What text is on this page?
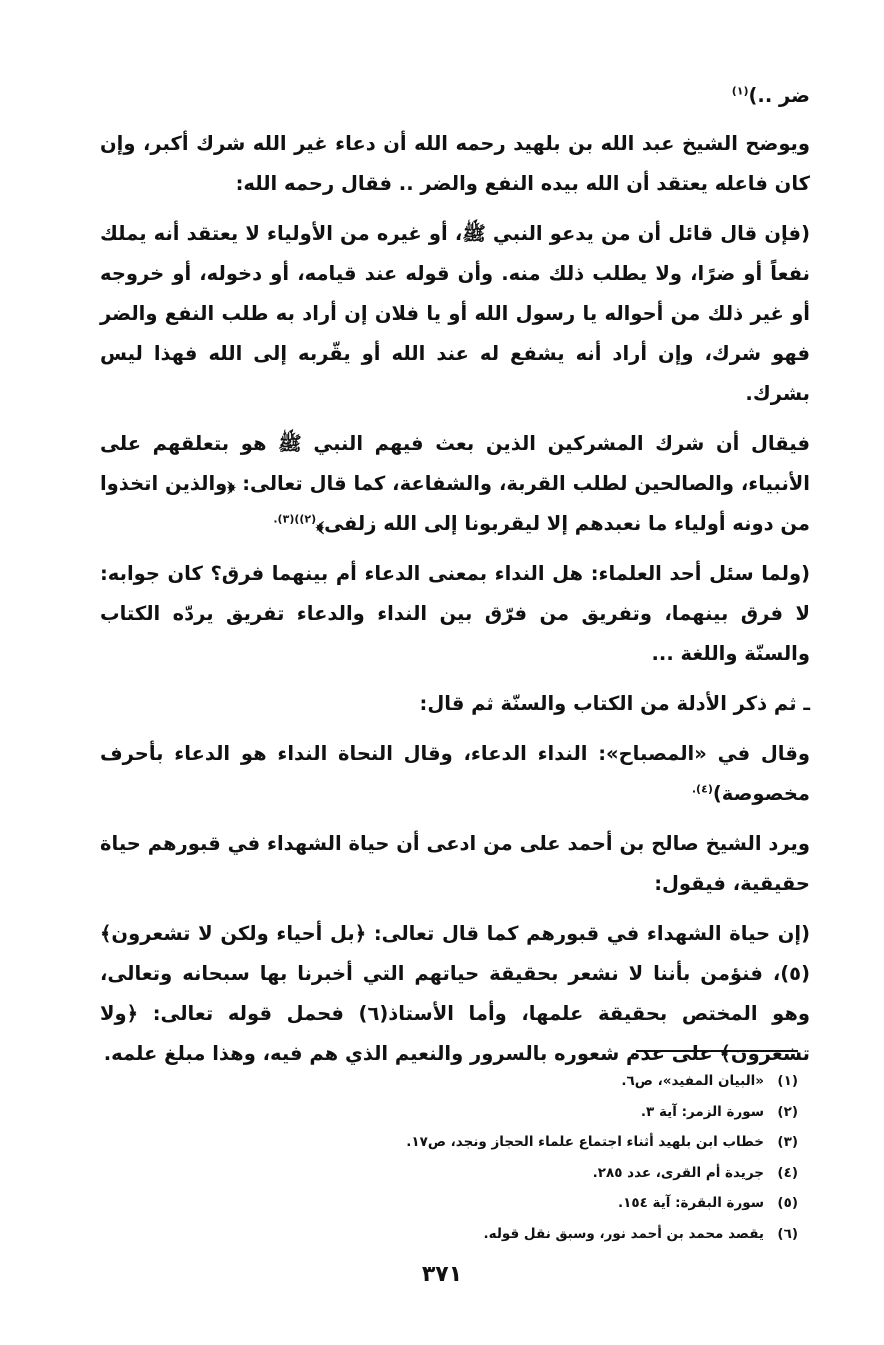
ضر ..)$^{(١)}$

ويوضح الشيخ عبد الله بن بلهيد رحمه الله أن دعاء غير الله شرك أكبر، وإن كان فاعله يعتقد أن الله بيده النفع والضر .. فقال رحمه الله:

(فإن قال قائل أن من يدعو النبي ﷺ، أو غيره من الأولياء لا يعتقد أنه يملك نفعاً أو ضرًا، ولا يطلب ذلك منه. وأن قوله عند قيامه، أو دخوله، أو خروجه أو غير ذلك من أحواله يا رسول الله أو يا فلان إن أراد به طلب النفع والضر فهو شرك، وإن أراد أنه يشفع له عند الله أو يقّربه إلى الله فهذا ليس بشرك.

فيقال أن شرك المشركين الذين بعث فيهم النبي ﷺ هو بتعلقهم على الأنبياء، والصالحين لطلب القربة، والشفاعة، كما قال تعالى: ﴿والذين اتخذوا من دونه أولياء ما نعبدهم إلا ليقربونا إلى الله زلفى﴾$^{(٢))(٣).}$

(ولما سئل أحد العلماء: هل النداء بمعنى الدعاء أم بينهما فرق؟ كان جوابه: لا فرق بينهما، وتفريق من فرّق بين النداء والدعاء تفريق يردّه الكتاب والسنّة واللغة ...

ـ ثم ذكر الأدلة من الكتاب والسنّة ثم قال:

وقال في «المصباح»: النداء الدعاء، وقال النحاة النداء هو الدعاء بأحرف مخصوصة)$^{(٤).}$

ويرد الشيخ صالح بن أحمد على من ادعى أن حياة الشهداء في قبورهم حياة حقيقية، فيقول:

(إن حياة الشهداء في قبورهم كما قال تعالى: ﴿بل أحياء ولكن لا تشعرون﴾(٥)، فنؤمن بأننا لا نشعر بحقيقة حياتهم التي أخبرنا بها سبحانه وتعالى، وهو المختص بحقيقة علمها، وأما الأستاذ(٦) فحمل قوله تعالى: ﴿ولا تشعرون﴾ على عدم شعوره بالسرور والنعيم الذي هم فيه، وهذا مبلغ علمه.

(١)
«البيان المفيد»، ص٦.
(٢)
سورة الزمر: آية ٣.
(٣)
خطاب ابن بلهيد أثناء اجتماع علماء الحجاز ونجد، ص١٧.
(٤)
جريدة أم القرى، عدد ٢٨٥.
(٥)
سورة البقرة: آية ١٥٤.
(٦)
يقصد محمد بن أحمد نور، وسبق نقل قوله.
٣٧١
